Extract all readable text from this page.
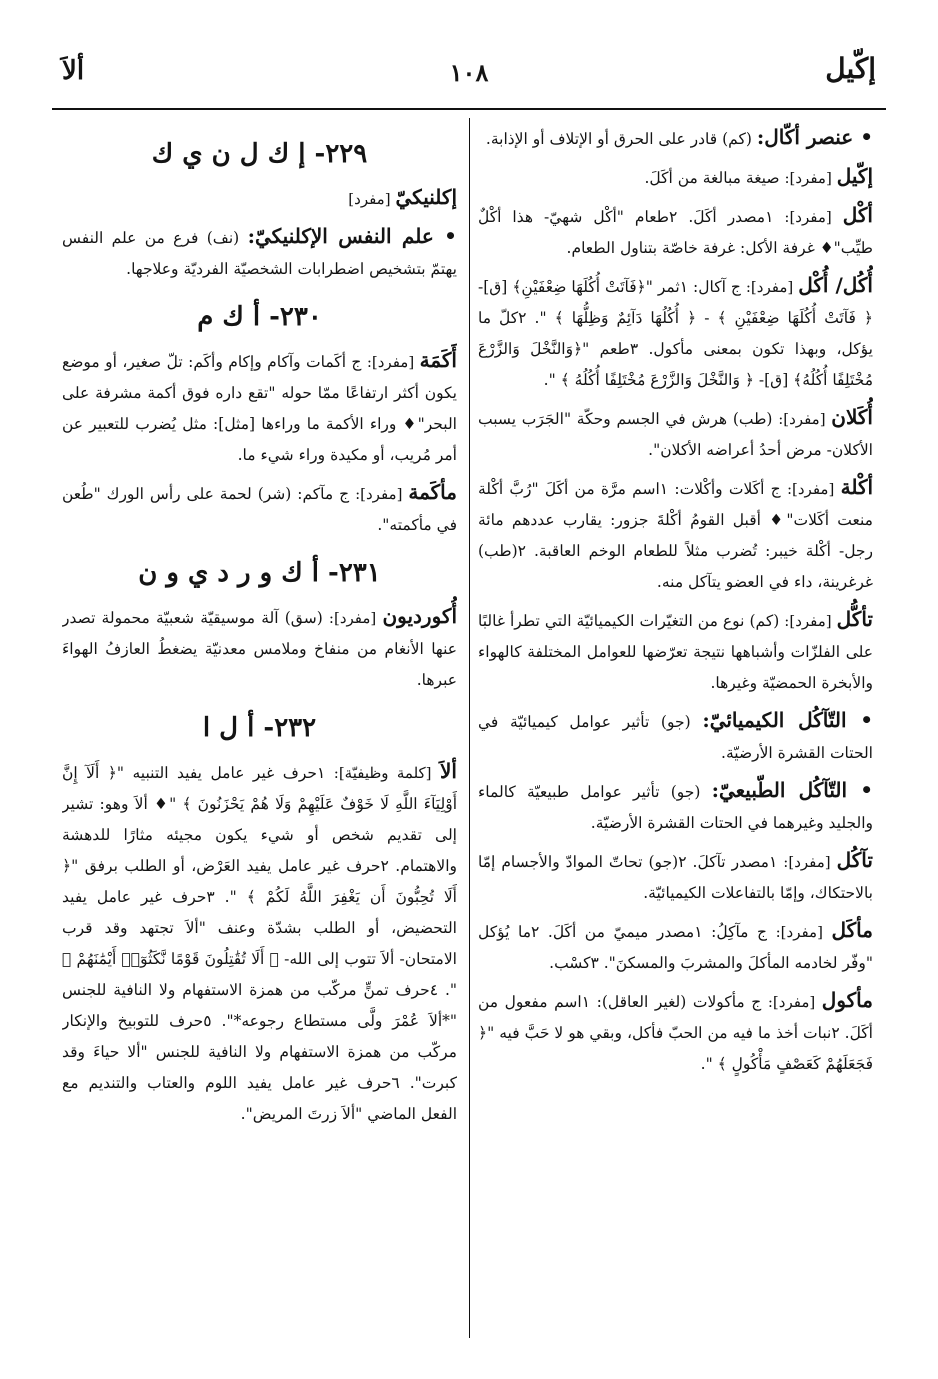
إكّيل
١٠٨
ألاَ

• عنصر أكّال: (كم) قادر على الحرق أو الإتلاف أو الإذابة.

إكّيل [مفرد]: صيغة مبالغة من أكَلَ.

أكْل [مفرد]: ١مصدر أكَلَ. ٢طعام "أكْل شهيّ- هذا أكْلٌ طيِّب"♦ غرفة الأكل: غرفة خاصّة بتناول الطعام.

أُكُل/ أُكْل [مفرد]: ج آكال: ١ثمر "﴿فَآتَتْ أُكُلَهَا ضِعْفَيْنِ﴾ [ق]- ﴿ فَآتَتْ أُكُلَهَا ضِعْفَيْنِ ﴾ - ﴿ أُكُلُهَا دَآئِمٌ وَظِلُّهَا ﴾ ". ٢كلّ ما يؤكل، وبهذا تكون بمعنى مأكول. ٣طعم "﴿وَالنَّخْلَ وَالزَّرْعَ مُخْتَلِفًا أُكُلُهُ﴾ [ق]- ﴿ وَالنَّخْلَ وَالزَّرْعَ مُخْتَلِفًا أُكُلُهُ ﴾ ".

أُكَلان [مفرد]: (طب) هرش في الجسم وحكّة "الجَرَب يسبب الأكلان- مرض أحدُ أعراضه الأكلان".

أكْلة [مفرد]: ج أكَلات وأكْلات: ١اسم مرَّة من أكَلَ "رُبَّ أكْلة منعت أكَلات"♦ أقبل القومُ أكْلةَ جزور: يقارب عددهم مائة رجل- أكْلة خيبر: تُضرب مثلاً للطعام الوخم العاقبة. ٢(طب) غرغرينة، داء في العضو يتآكل منه.

تأكُّل [مفرد]: (كم) نوع من التغيّرات الكيميائيّة التي تطرأ غالبًا على الفلزّات وأشباهها نتيجة تعرّضها للعوامل المختلفة كالهواء والأبخرة الحمضيّة وغيرها.

• التّآكُل الكيميائيّ: (جو) تأثير عوامل كيميائيّة في الحتات القشرة الأرضيّة.

• التّآكُل الطّبيعيّ: (جو) تأثير عوامل طبيعيّة كالماء والجليد وغيرهما في الحتات القشرة الأرضيّة.

تآكُل [مفرد]: ١مصدر تآكلَ. ٢(جو) تحاتّ الموادّ والأجسام إمّا بالاحتكاك، وإمّا بالتفاعلات الكيميائيّة.

مأكَل [مفرد]: ج مآكِلُ: ١مصدر ميميّ من أكَلَ. ٢ما يُؤكل "وفّر لخادمه المأكلَ والمشربَ والمسكنَ". ٣كسْب.

مأكول [مفرد]: ج مأكولات (لغير العاقل): ١اسم مفعول من أكَلَ. ٢نبات أخذ ما فيه من الحبّ فأكل، وبقي هو لا حَبَّ فيه "﴿ فَجَعَلَهُمْ كَعَصْفٍ مَأْكُولٍ ﴾ ".

٢٢٩- إ ك ل ن ي ك

إكلنيكيّ [مفرد]

• علم النفس الإكلنيكيّ: (نف) فرع من علم النفس يهتمّ بتشخيص اضطرابات الشخصيّة الفرديّة وعلاجها.

٢٣٠- أ ك م

أَكَمَة [مفرد]: ج أكَمات وآكام وإكام وأكَم: تلّ صغير، أو موضع يكون أكثر ارتفاعًا ممّا حوله "تقع داره فوق أكمة مشرفة على البحر"♦ وراء الأكمة ما وراءها [مثل]: مثل يُضرب للتعبير عن أمر مُريب، أو مكيدة وراء شيء ما.

مأكَمة [مفرد]: ج مآكم: (شر) لحمة على رأس الورك "طُعن في مأكمته".

٢٣١- أ ك و ر د ي و ن

أُكورديون [مفرد]: (سق) آلة موسيقيّة شعبيّة محمولة تصدر عنها الأنغام من منفاخ وملامس معدنيّة يضغطُ العازفُ الهواءَ عبرها.

٢٣٢- أ ل ا

ألاَ [كلمة وظيفيّة]: ١حرف غير عامل يفيد التنبيه "﴿ أَلَآ إِنَّ أَوْلِيَآءَ اللَّهِ لَا خَوْفٌ عَلَيْهِمْ وَلَا هُمْ يَحْزَنُونَ ﴾ "♦ ألاَ وهو: تشير إلى تقديم شخص أو شيء يكون مجيئه مثارًا للدهشة والاهتمام. ٢حرف غير عامل يفيد العَرْض، أو الطلب برفق "﴿ أَلَا تُحِبُّونَ أَن يَغْفِرَ اللَّهُ لَكُمْ ﴾ ". ٣حرف غير عامل يفيد التحضيض، أو الطلب بشدّة وعنف "ألاَ تجتهد وقد قرب الامتحان- ألاَ تتوب إلى الله- ﴿ أَلَا تُقَٰتِلُونَ قَوْمًا نَّكَثُوٓا۟ أَيْمَٰنَهُمْ ﴾ ". ٤حرف تمنٍّ مركّب من همزة الاستفهام ولا النافية للجنس "*ألاَ عُمْرَ ولَّى مستطاع رجوعه*". ٥حرف للتوبيخ والإنكار مركّب من همزة الاستفهام ولا النافية للجنس "ألا حياءَ وقد كبرت". ٦حرف غير عامل يفيد اللوم والعتاب والتنديم مع الفعل الماضي "ألاَ زرتَ المريض".
